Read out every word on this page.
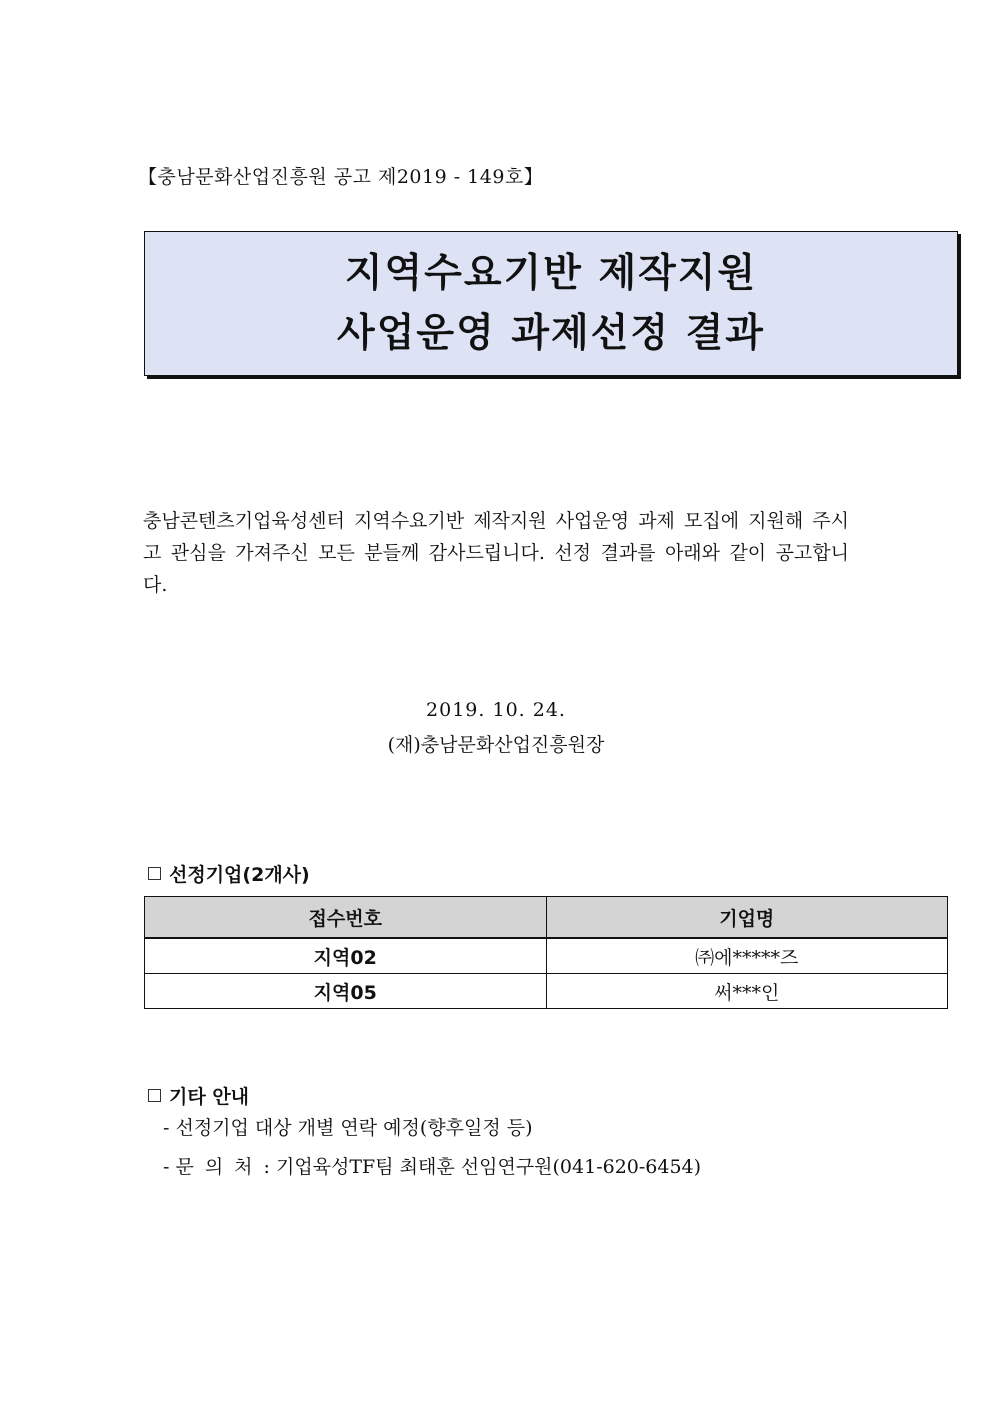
【충남문화산업진흥원 공고 제2019 - 149호】
지역수요기반 제작지원
사업운영 과제선정 결과
충남콘텐츠기업육성센터 지역수요기반 제작지원 사업운영 과제 모집에 지원해 주시고 관심을 가져주신 모든 분들께 감사드립니다. 선정 결과를 아래와 같이 공고합니다.
2019. 10. 24.
(재)충남문화산업진흥원장
선정기업(2개사)
접수번호	기업명
지역02	㈜에*****즈
지역05	써***인
기타 안내
- 선정기업 대상 개별 연락 예정(향후일정 등)
- 문의처: 기업육성TF팀 최태훈 선임연구원(041-620-6454)
